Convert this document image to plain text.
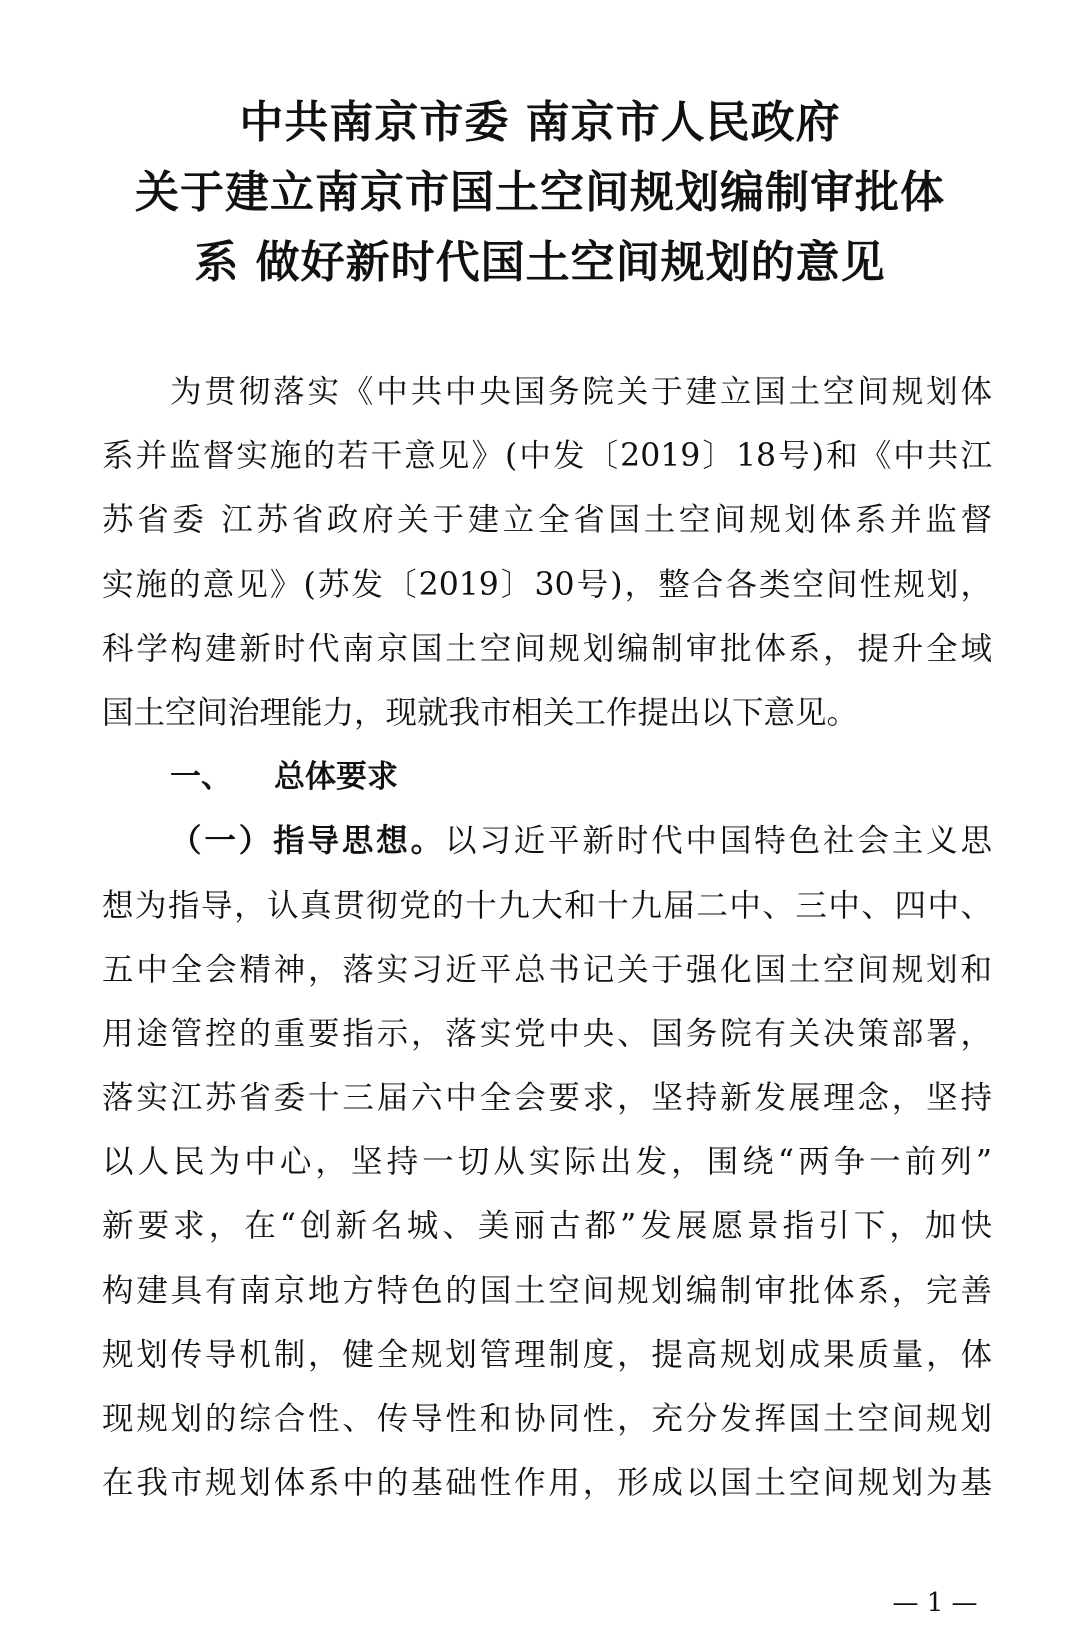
中共南京市委 南京市人民政府
关于建立南京市国土空间规划编制审批体
系 做好新时代国土空间规划的意见
为贯彻落实《中共中央国务院关于建立国土空间规划体
系并监督实施的若干意见》(中发〔2019〕18号)和《中共江
苏省委 江苏省政府关于建立全省国土空间规划体系并监督
实施的意见》(苏发〔2019〕30号)，整合各类空间性规划，
科学构建新时代南京国土空间规划编制审批体系，提升全域
国土空间治理能力，现就我市相关工作提出以下意见。
一、 总体要求
（一）指导思想。以习近平新时代中国特色社会主义思
想为指导，认真贯彻党的十九大和十九届二中、三中、四中、
五中全会精神，落实习近平总书记关于强化国土空间规划和
用途管控的重要指示，落实党中央、国务院有关决策部署，
落实江苏省委十三届六中全会要求，坚持新发展理念，坚持
以人民为中心，坚持一切从实际出发，围绕“两争一前列”
新要求，在“创新名城、美丽古都”发展愿景指引下，加快
构建具有南京地方特色的国土空间规划编制审批体系，完善
规划传导机制，健全规划管理制度，提高规划成果质量，体
现规划的综合性、传导性和协同性，充分发挥国土空间规划
在我市规划体系中的基础性作用，形成以国土空间规划为基
— 1 —
